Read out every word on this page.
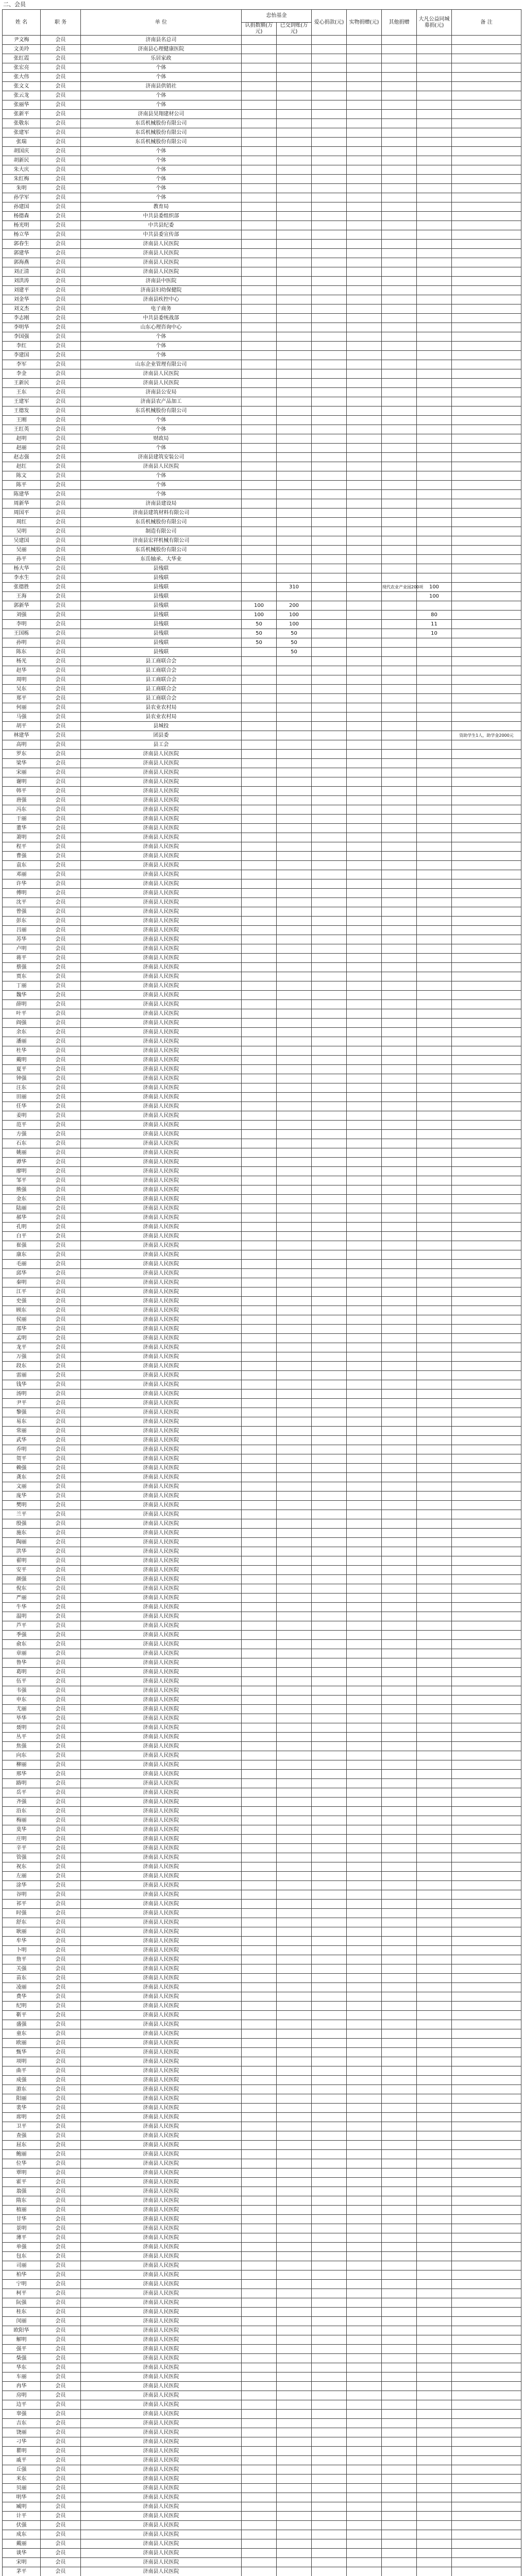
二、会员
姓 名	职 务	单 位	忠怡基金		爱心捐款(元)	实物捐赠(元)	其他捐赠	大凡公益同城募捐(元)	备 注
			认捐数额(万元)	已交到账(万元)					
尹文梅	会员	济南县名总司							
文美玲	会员	济南县心理健康医院							
张红霞	会员	乐居家政							
张宏亮	会员	个体							
张大伟	会员	个体							
张文义	会员	济南县供销社							
张云龙	会员	个体							
张丽华	会员	个体							
张新平	会员	济南县昊翔建材公司							
张敬东	会员	东岳机械股份有限公司							
张建军	会员	东岳机械股份有限公司							
张瑞	会员	东岳机械股份有限公司							
胡国庆	会员	个体							
胡新民	会员	个体							
朱大庆	会员	个体							
朱红梅	会员	个体							
朱明	会员	个体							
孙学军	会员	个体							
孙建国	会员	教育局							
杨德森	会员	中共县委组织部							
杨光明	会员	中共县纪委							
杨立华	会员	中共县委宣传部							
郭春生	会员	济南县人民医院							
郭建华	会员	济南县人民医院							
郭海燕	会员	济南县人民医院							
刘正清	会员	济南县人民医院							
刘洪涛	会员	济南县中医院							
刘建平	会员	济南县妇幼保健院							
刘金华	会员	济南县疾控中心							
刘文杰	会员	电子商务							
李志刚	会员	中共县委统战部							
李明华	会员	山东心理咨询中心							
李国强	会员	个体							
李红	会员	个体							
李建国	会员	个体							
李军	会员	山东企业管理有限公司							
李金	会员	济南县人民医院							
王新民	会员	济南县人民医院							
王东	会员	济南县公安局							
王建军	会员	济南县农产品加工							
王德发	会员	东岳机械股份有限公司							
王刚	会员	个体							
王红英	会员	个体							
赵明	会员	财政局							
赵丽	会员	个体							
赵志强	会员	济南县建筑安装公司							
赵红	会员	济南县人民医院							
陈文	会员	个体							
陈平	会员	个体							
陈建华	会员	个体							
周新华	会员	济南县建设局							
周国平	会员	济南县建筑材料有限公司							
周红	会员	东岳机械股份有限公司							
吴明	会员	制造有限公司							
吴建国	会员	济南县宏祥机械有限公司							
吴丽	会员	东岳机械股份有限公司							
孙平	会员	东岳轴承、大华业							
杨大华	会员	县残联							
李水生	会员	县残联							
张德胜	会员	县残联		310			现代农业产业园200项	100	
王海	会员	县残联						100	
郭新华	会员	县残联	100	200					
刘强	会员	县残联	100	100				80	
李明	会员	县残联	50	100				11	
王国栋	会员	县残联	50	50				10	
孙明	会员	县残联	50	50					
陈东	会员	县残联		50					
杨光	会员	县工商联合会							
赵华	会员	县工商联合会							
周明	会员	县工商联合会							
吴东	会员	县工商联合会							
郑平	会员	县工商联合会							
何丽	会员	县农业农村局							
马强	会员	县农业农村局							
胡平	会员	县城投							
林建华	会员	团县委							资助学生1人，助学金2000元
高明	会员	县工会							
罗东	会员	济南县人民医院							
梁华	会员	济南县人民医院							
宋丽	会员	济南县人民医院							
谢明	会员	济南县人民医院							
韩平	会员	济南县人民医院							
唐强	会员	济南县人民医院							
冯东	会员	济南县人民医院							
于丽	会员	济南县人民医院							
董华	会员	济南县人民医院							
萧明	会员	济南县人民医院							
程平	会员	济南县人民医院							
曹强	会员	济南县人民医院							
袁东	会员	济南县人民医院							
邓丽	会员	济南县人民医院							
许华	会员	济南县人民医院							
傅明	会员	济南县人民医院							
沈平	会员	济南县人民医院							
曾强	会员	济南县人民医院							
彭东	会员	济南县人民医院							
吕丽	会员	济南县人民医院							
苏华	会员	济南县人民医院							
卢明	会员	济南县人民医院							
蒋平	会员	济南县人民医院							
蔡强	会员	济南县人民医院							
贾东	会员	济南县人民医院							
丁丽	会员	济南县人民医院							
魏华	会员	济南县人民医院							
薛明	会员	济南县人民医院							
叶平	会员	济南县人民医院							
阎强	会员	济南县人民医院							
余东	会员	济南县人民医院							
潘丽	会员	济南县人民医院							
杜华	会员	济南县人民医院							
戴明	会员	济南县人民医院							
夏平	会员	济南县人民医院							
钟强	会员	济南县人民医院							
汪东	会员	济南县人民医院							
田丽	会员	济南县人民医院							
任华	会员	济南县人民医院							
姜明	会员	济南县人民医院							
范平	会员	济南县人民医院							
方强	会员	济南县人民医院							
石东	会员	济南县人民医院							
姚丽	会员	济南县人民医院							
谭华	会员	济南县人民医院							
廖明	会员	济南县人民医院							
邹平	会员	济南县人民医院							
熊强	会员	济南县人民医院							
金东	会员	济南县人民医院							
陆丽	会员	济南县人民医院							
郝华	会员	济南县人民医院							
孔明	会员	济南县人民医院							
白平	会员	济南县人民医院							
崔强	会员	济南县人民医院							
康东	会员	济南县人民医院							
毛丽	会员	济南县人民医院							
邱华	会员	济南县人民医院							
秦明	会员	济南县人民医院							
江平	会员	济南县人民医院							
史强	会员	济南县人民医院							
顾东	会员	济南县人民医院							
侯丽	会员	济南县人民医院							
邵华	会员	济南县人民医院							
孟明	会员	济南县人民医院							
龙平	会员	济南县人民医院							
万强	会员	济南县人民医院							
段东	会员	济南县人民医院							
雷丽	会员	济南县人民医院							
钱华	会员	济南县人民医院							
汤明	会员	济南县人民医院							
尹平	会员	济南县人民医院							
黎强	会员	济南县人民医院							
易东	会员	济南县人民医院							
常丽	会员	济南县人民医院							
武华	会员	济南县人民医院							
乔明	会员	济南县人民医院							
贺平	会员	济南县人民医院							
赖强	会员	济南县人民医院							
龚东	会员	济南县人民医院							
文丽	会员	济南县人民医院							
庞华	会员	济南县人民医院							
樊明	会员	济南县人民医院							
兰平	会员	济南县人民医院							
殷强	会员	济南县人民医院							
施东	会员	济南县人民医院							
陶丽	会员	济南县人民医院							
洪华	会员	济南县人民医院							
翟明	会员	济南县人民医院							
安平	会员	济南县人民医院							
颜强	会员	济南县人民医院							
倪东	会员	济南县人民医院							
严丽	会员	济南县人民医院							
牛华	会员	济南县人民医院							
温明	会员	济南县人民医院							
芦平	会员	济南县人民医院							
季强	会员	济南县人民医院							
俞东	会员	济南县人民医院							
章丽	会员	济南县人民医院							
鲁华	会员	济南县人民医院							
葛明	会员	济南县人民医院							
伍平	会员	济南县人民医院							
韦强	会员	济南县人民医院							
申东	会员	济南县人民医院							
尤丽	会员	济南县人民医院							
毕华	会员	济南县人民医院							
聂明	会员	济南县人民医院							
丛平	会员	济南县人民医院							
焦强	会员	济南县人民医院							
向东	会员	济南县人民医院							
柳丽	会员	济南县人民医院							
邢华	会员	济南县人民医院							
路明	会员	济南县人民医院							
岳平	会员	济南县人民医院							
齐强	会员	济南县人民医院							
沿东	会员	济南县人民医院							
梅丽	会员	济南县人民医院							
莫华	会员	济南县人民医院							
庄明	会员	济南县人民医院							
辛平	会员	济南县人民医院							
管强	会员	济南县人民医院							
祝东	会员	济南县人民医院							
左丽	会员	济南县人民医院							
涂华	会员	济南县人民医院							
谷明	会员	济南县人民医院							
祁平	会员	济南县人民医院							
时强	会员	济南县人民医院							
舒东	会员	济南县人民医院							
耿丽	会员	济南县人民医院							
牟华	会员	济南县人民医院							
卜明	会员	济南县人民医院							
詹平	会员	济南县人民医院							
关强	会员	济南县人民医院							
苗东	会员	济南县人民医院							
凌丽	会员	济南县人民医院							
费华	会员	济南县人民医院							
纪明	会员	济南县人民医院							
靳平	会员	济南县人民医院							
盛强	会员	济南县人民医院							
童东	会员	济南县人民医院							
欧丽	会员	济南县人民医院							
甄华	会员	济南县人民医院							
项明	会员	济南县人民医院							
曲平	会员	济南县人民医院							
成强	会员	济南县人民医院							
游东	会员	济南县人民医院							
阳丽	会员	济南县人民医院							
裴华	会员	济南县人民医院							
席明	会员	济南县人民医院							
卫平	会员	济南县人民医院							
查强	会员	济南县人民医院							
屈东	会员	济南县人民医院							
鲍丽	会员	济南县人民医院							
位华	会员	济南县人民医院							
覃明	会员	济南县人民医院							
霍平	会员	济南县人民医院							
翁强	会员	济南县人民医院							
隋东	会员	济南县人民医院							
植丽	会员	济南县人民医院							
甘华	会员	济南县人民医院							
景明	会员	济南县人民医院							
薄平	会员	济南县人民医院							
单强	会员	济南县人民医院							
包东	会员	济南县人民医院							
司丽	会员	济南县人民医院							
柏华	会员	济南县人民医院							
宁明	会员	济南县人民医院							
柯平	会员	济南县人民医院							
阮强	会员	济南县人民医院							
桂东	会员	济南县人民医院							
闵丽	会员	济南县人民医院							
欧阳华	会员	济南县人民医院							
解明	会员	济南县人民医院							
强平	会员	济南县人民医院							
柴强	会员	济南县人民医院							
华东	会员	济南县人民医院							
车丽	会员	济南县人民医院							
冉华	会员	济南县人民医院							
房明	会员	济南县人民医院							
边平	会员	济南县人民医院							
辜强	会员	济南县人民医院							
吉东	会员	济南县人民医院							
饶丽	会员	济南县人民医院							
刁华	会员	济南县人民医院							
瞿明	会员	济南县人民医院							
戚平	会员	济南县人民医院							
丘强	会员	济南县人民医院							
米东	会员	济南县人民医院							
贝丽	会员	济南县人民医院							
明华	会员	济南县人民医院							
臧明	会员	济南县人民医院							
计平	会员	济南县人民医院							
伏强	会员	济南县人民医院							
成东	会员	济南县人民医院							
戴丽	会员	济南县人民医院							
谈华	会员	济南县人民医院							
宋明	会员	济南县人民医院							
茅平	会员	济南县人民医院							
